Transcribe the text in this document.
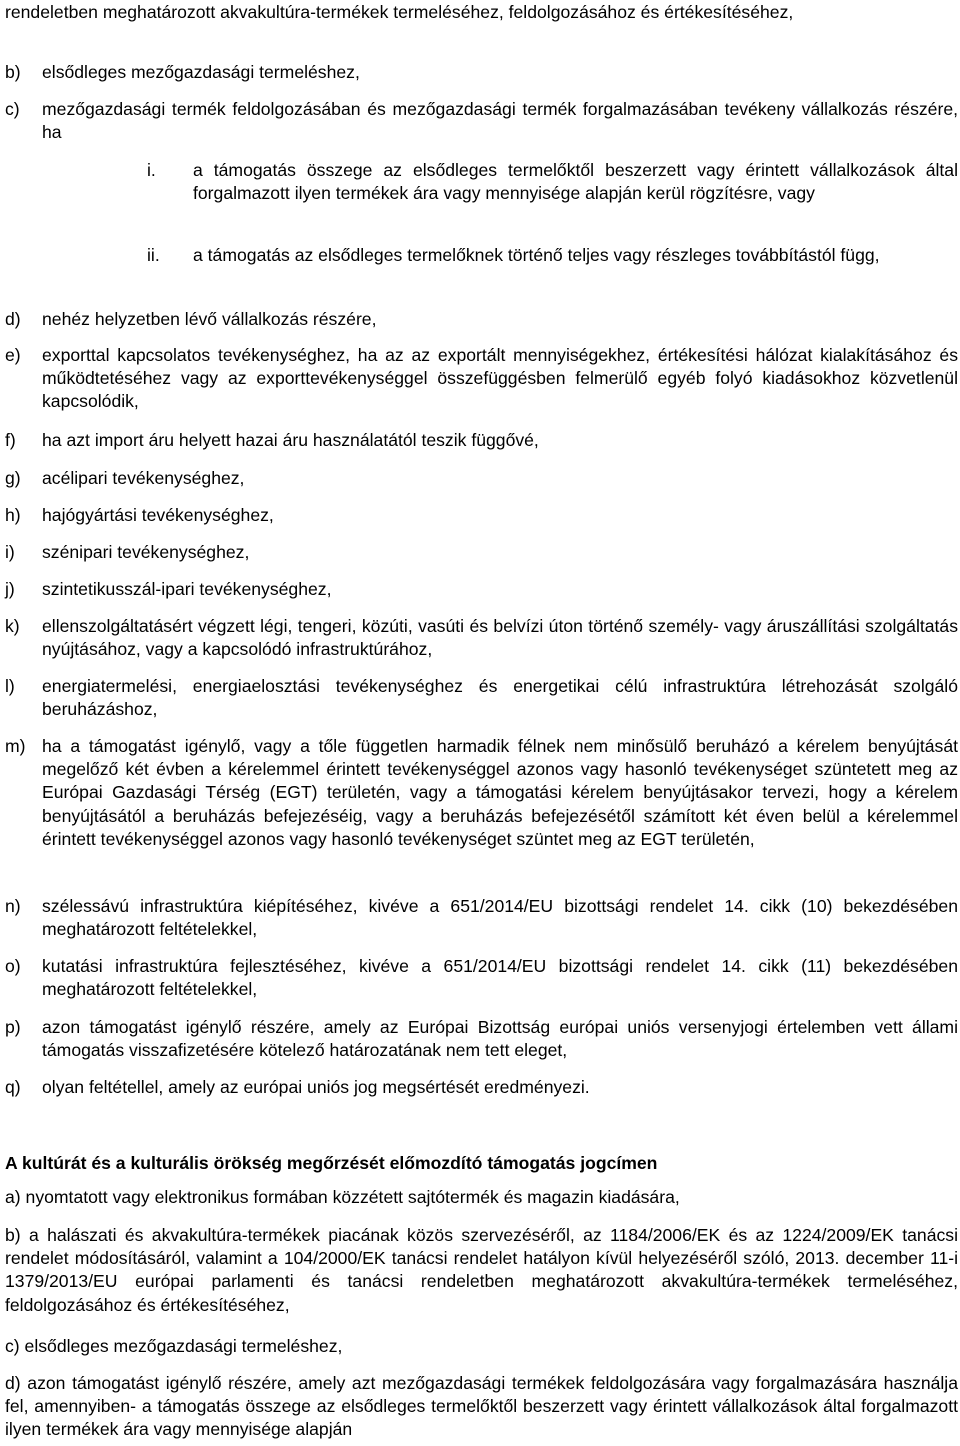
rendeletben meghatározott akvakultúra-termékek termeléséhez, feldolgozásához és értékesítéséhez,

b) elsődleges mezőgazdasági termeléshez,
c) mezőgazdasági termék feldolgozásában és mezőgazdasági termék forgalmazásában tevékeny vállalkozás részére, ha
i. a támogatás összege az elsődleges termelőktől beszerzett vagy érintett vállalkozások által forgalmazott ilyen termékek ára vagy mennyisége alapján kerül rögzítésre, vagy
ii. a támogatás az elsődleges termelőknek történő teljes vagy részleges továbbítástól függ,
d) nehéz helyzetben lévő vállalkozás részére,
e) exporttal kapcsolatos tevékenységhez, ha az az exportált mennyiségekhez, értékesítési hálózat kialakításához és működtetéséhez vagy az exporttevékenységgel összefüggésben felmerülő egyéb folyó kiadásokhoz közvetlenül kapcsolódik,
f) ha azt import áru helyett hazai áru használatától teszik függővé,
g) acélipari tevékenységhez,
h) hajógyártási tevékenységhez,
i) szénipari tevékenységhez,
j) szintetikusszál-ipari tevékenységhez,
k) ellenszolgáltatásért végzett légi, tengeri, közúti, vasúti és belvízi úton történő személy- vagy áruszállítási szolgáltatás nyújtásához, vagy a kapcsolódó infrastruktúrához,
l) energiatermelési, energiaelosztási tevékenységhez és energetikai célú infrastruktúra létrehozását szolgáló beruházáshoz,
m) ha a támogatást igénylő, vagy a tőle független harmadik félnek nem minősülő beruházó a kérelem benyújtását megelőző két évben a kérelemmel érintett tevékenységgel azonos vagy hasonló tevékenységet szüntetett meg az Európai Gazdasági Térség (EGT) területén, vagy a támogatási kérelem benyújtásakor tervezi, hogy a kérelem benyújtásától a beruházás befejezéséig, vagy a beruházás befejezésétől számított két éven belül a kérelemmel érintett tevékenységgel azonos vagy hasonló tevékenységet szüntet meg az EGT területén,
n) szélessávú infrastruktúra kiépítéséhez, kivéve a 651/2014/EU bizottsági rendelet 14. cikk (10) bekezdésében meghatározott feltételekkel,
o) kutatási infrastruktúra fejlesztéséhez, kivéve a 651/2014/EU bizottsági rendelet 14. cikk (11) bekezdésében meghatározott feltételekkel,
p) azon támogatást igénylő részére, amely az Európai Bizottság európai uniós versenyjogi értelemben vett állami támogatás visszafizetésére kötelező határozatának nem tett eleget,
q) olyan feltétellel, amely az európai uniós jog megsértését eredményezi.
A kultúrát és a kulturális örökség megőrzését előmozdító támogatás jogcímen

a) nyomtatott vagy elektronikus formában közzétett sajtótermék és magazin kiadására,

b) a halászati és akvakultúra-termékek piacának közös szervezéséről, az 1184/2006/EK és az 1224/2009/EK tanácsi rendelet módosításáról, valamint a 104/2000/EK tanácsi rendelet hatályon kívül helyezéséről szóló, 2013. december 11-i 1379/2013/EU európai parlamenti és tanácsi rendeletben meghatározott akvakultúra-termékek termeléséhez, feldolgozásához és értékesítéséhez,

c) elsődleges mezőgazdasági termeléshez,

d) azon támogatást igénylő részére, amely azt mezőgazdasági termékek feldolgozására vagy forgalmazására használja fel, amennyiben- a támogatás összege az elsődleges termelőktől beszerzett vagy érintett vállalkozások által forgalmazott ilyen termékek ára vagy mennyisége alapján
